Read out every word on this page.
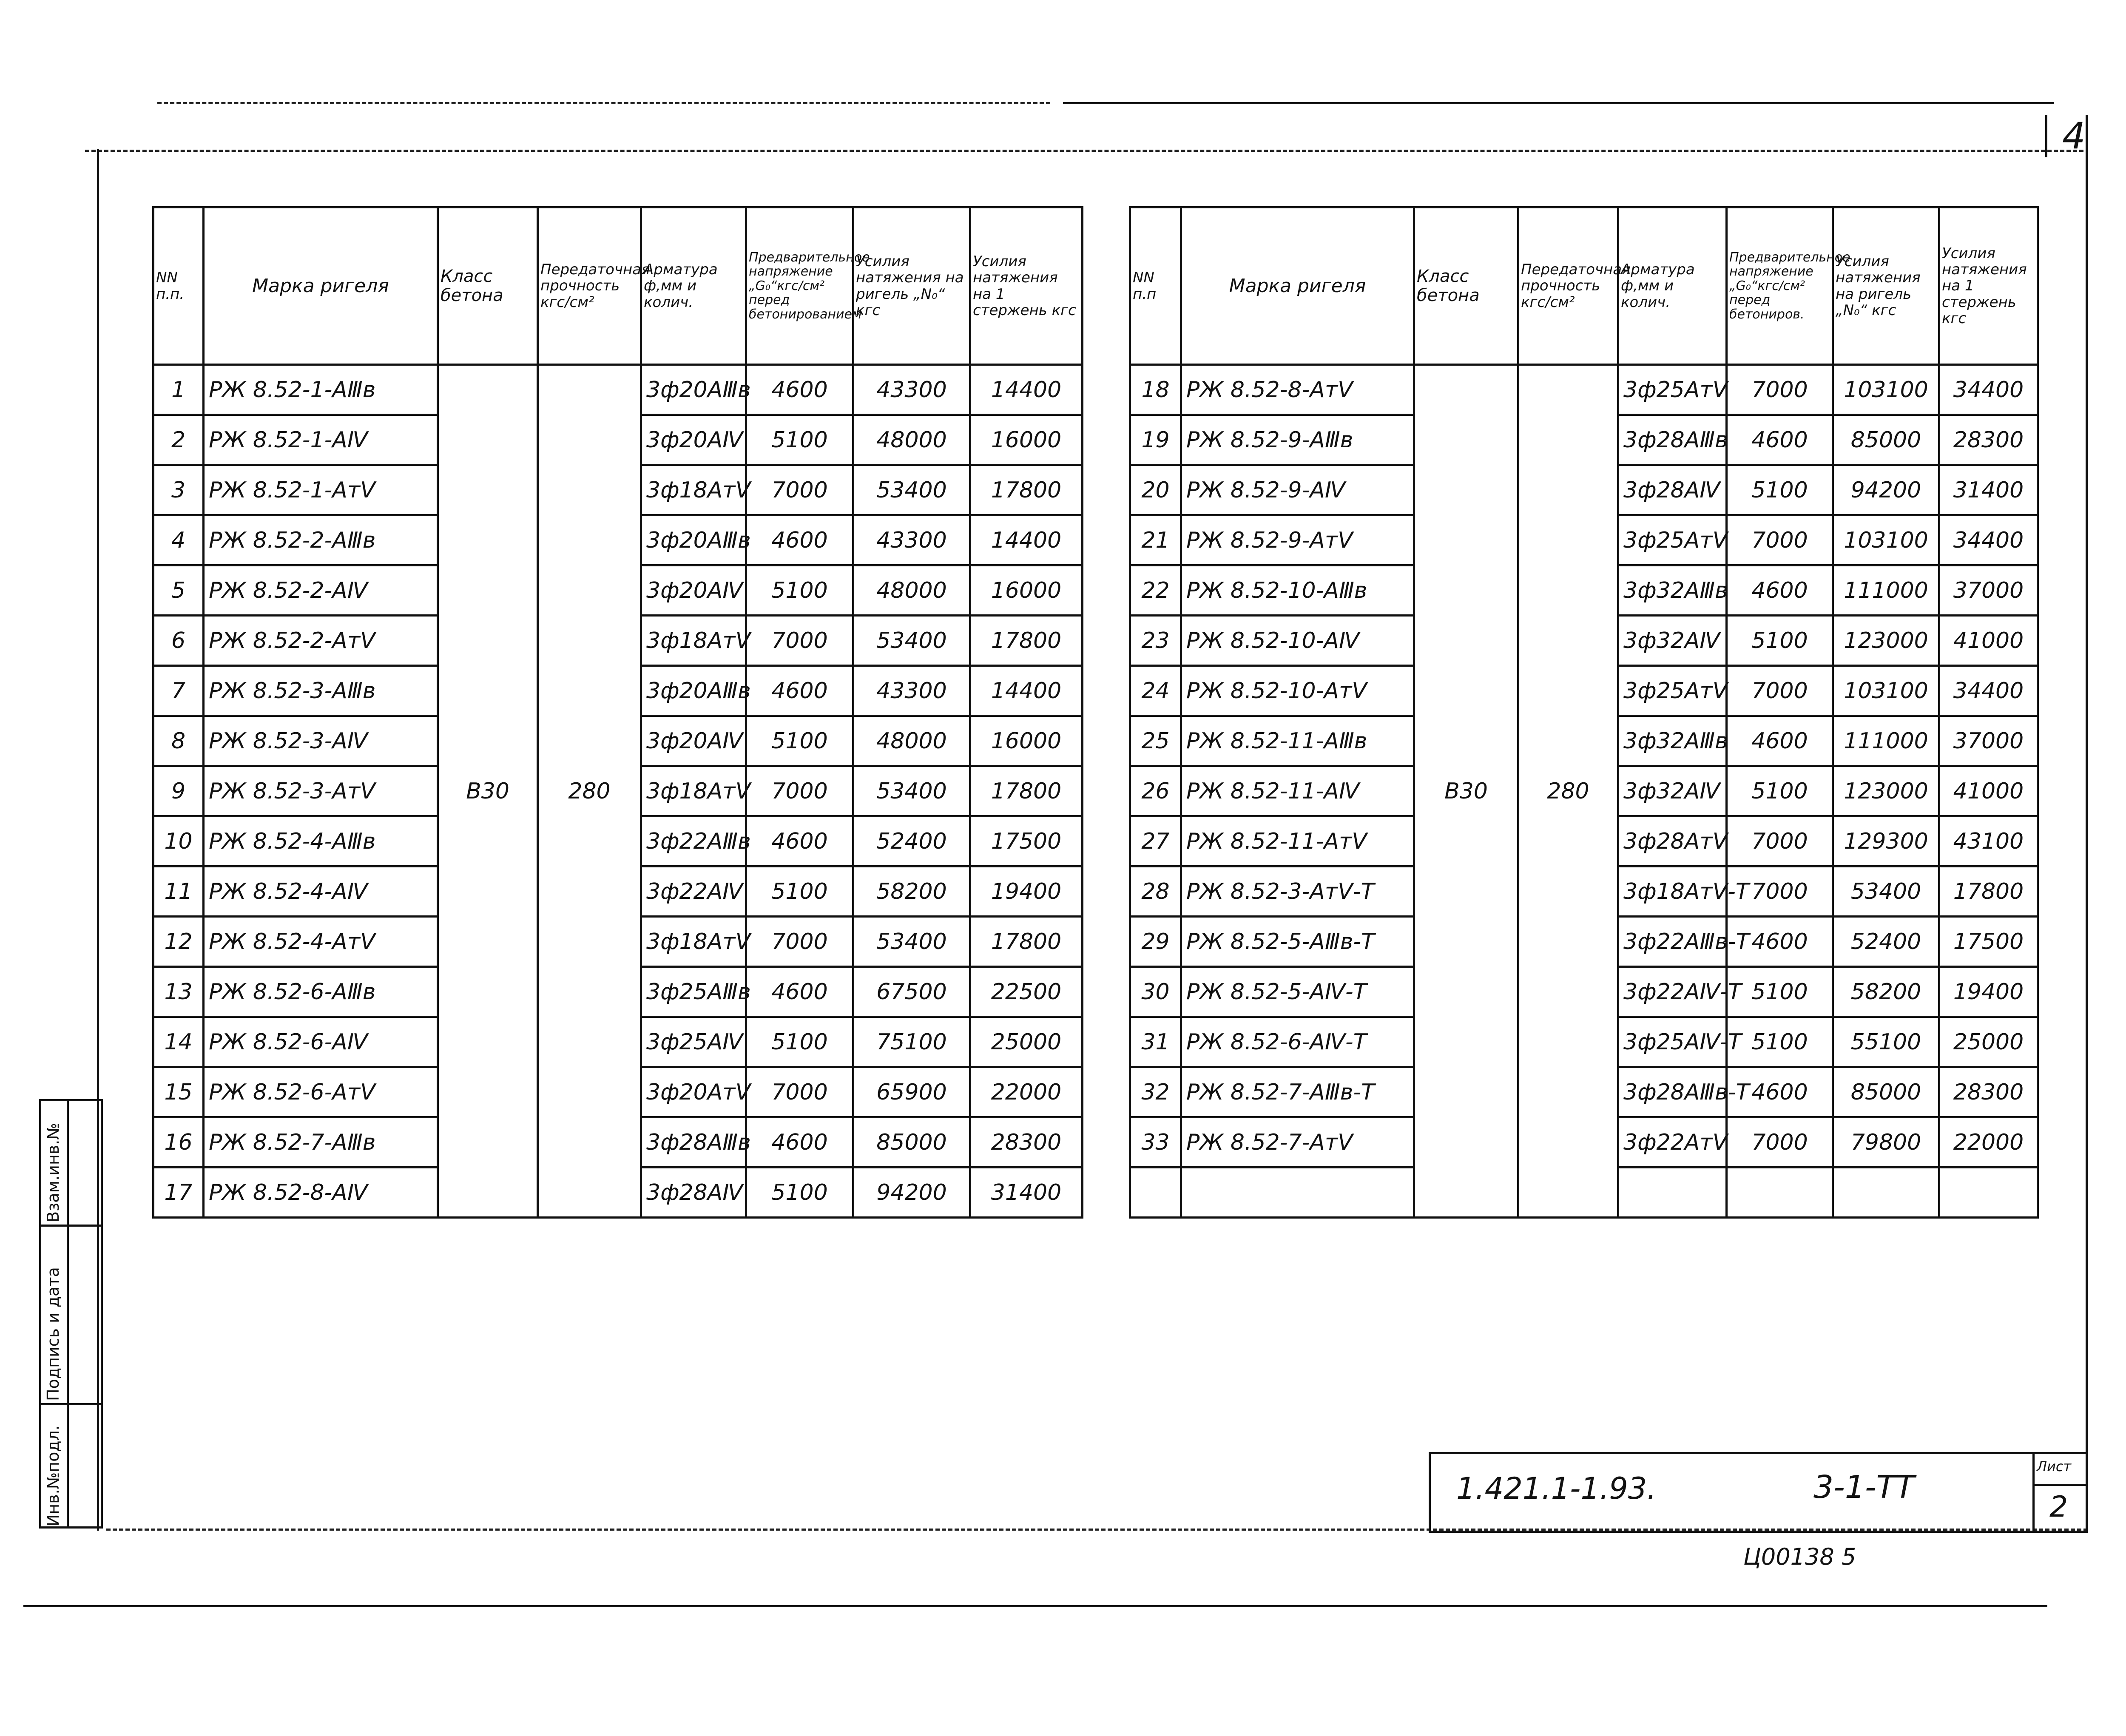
4
NN п.п.	Марка ригеля	Класс бетона	Передаточная прочность кгс/см²	Арматура ф,мм и колич.	Предварительное напряжение „G₀“кгс/см² перед бетонированием	Усилия натяжения на ригель „N₀“ кгс	Усилия натяжения на 1 стержень кгс
1	РЖ 8.52-1-АⅢв	В30	280	3ф20АⅢв	4600	43300	14400
2	РЖ 8.52-1-АⅣ			3ф20АⅣ	5100	48000	16000
3	РЖ 8.52-1-АтⅤ			3ф18АтⅤ	7000	53400	17800
4	РЖ 8.52-2-АⅢв			3ф20АⅢв	4600	43300	14400
5	РЖ 8.52-2-АⅣ			3ф20АⅣ	5100	48000	16000
6	РЖ 8.52-2-АтⅤ			3ф18АтⅤ	7000	53400	17800
7	РЖ 8.52-3-АⅢв			3ф20АⅢв	4600	43300	14400
8	РЖ 8.52-3-АⅣ			3ф20АⅣ	5100	48000	16000
9	РЖ 8.52-3-АтⅤ			3ф18АтⅤ	7000	53400	17800
10	РЖ 8.52-4-АⅢв			3ф22АⅢв	4600	52400	17500
11	РЖ 8.52-4-АⅣ			3ф22АⅣ	5100	58200	19400
12	РЖ 8.52-4-АтⅤ			3ф18АтⅤ	7000	53400	17800
13	РЖ 8.52-6-АⅢв			3ф25АⅢв	4600	67500	22500
14	РЖ 8.52-6-АⅣ			3ф25АⅣ	5100	75100	25000
15	РЖ 8.52-6-АтⅤ			3ф20АтⅤ	7000	65900	22000
16	РЖ 8.52-7-АⅢв			3ф28АⅢв	4600	85000	28300
17	РЖ 8.52-8-АⅣ			3ф28АⅣ	5100	94200	31400
NN п.п	Марка ригеля	Класс бетона	Передаточная прочность кгс/см²	Арматура ф,мм и колич.	Предварительное напряжение „G₀“кгс/см² перед бетониров.	Усилия натяжения на ригель „N₀“ кгс	Усилия натяжения на 1 стержень кгс
18	РЖ 8.52-8-АтⅤ	В30	280	3ф25АтⅤ	7000	103100	34400
19	РЖ 8.52-9-АⅢв			3ф28АⅢв	4600	85000	28300
20	РЖ 8.52-9-АⅣ			3ф28АⅣ	5100	94200	31400
21	РЖ 8.52-9-АтⅤ			3ф25АтⅤ	7000	103100	34400
22	РЖ 8.52-10-АⅢв			3ф32АⅢв	4600	111000	37000
23	РЖ 8.52-10-АⅣ			3ф32АⅣ	5100	123000	41000
24	РЖ 8.52-10-АтⅤ			3ф25АтⅤ	7000	103100	34400
25	РЖ 8.52-11-АⅢв			3ф32АⅢв	4600	111000	37000
26	РЖ 8.52-11-АⅣ			3ф32АⅣ	5100	123000	41000
27	РЖ 8.52-11-АтⅤ			3ф28АтⅤ	7000	129300	43100
28	РЖ 8.52-3-АтⅤ-Т			3ф18АтⅤ-Т	7000	53400	17800
29	РЖ 8.52-5-АⅢв-Т			3ф22АⅢв-Т	4600	52400	17500
30	РЖ 8.52-5-АⅣ-Т			3ф22АⅣ-Т	5100	58200	19400
31	РЖ 8.52-6-АⅣ-Т			3ф25АⅣ-Т	5100	55100	25000
32	РЖ 8.52-7-АⅢв-Т			3ф28АⅢв-Т	4600	85000	28300
33	РЖ 8.52-7-АтⅤ			3ф22АтⅤ	7000	79800	22000

Инв.№подл.
Подпись и дата
Взам.инв.№
1.421.1-1.93.	3-1-ТТ
Лист
2
Ц00138 5
